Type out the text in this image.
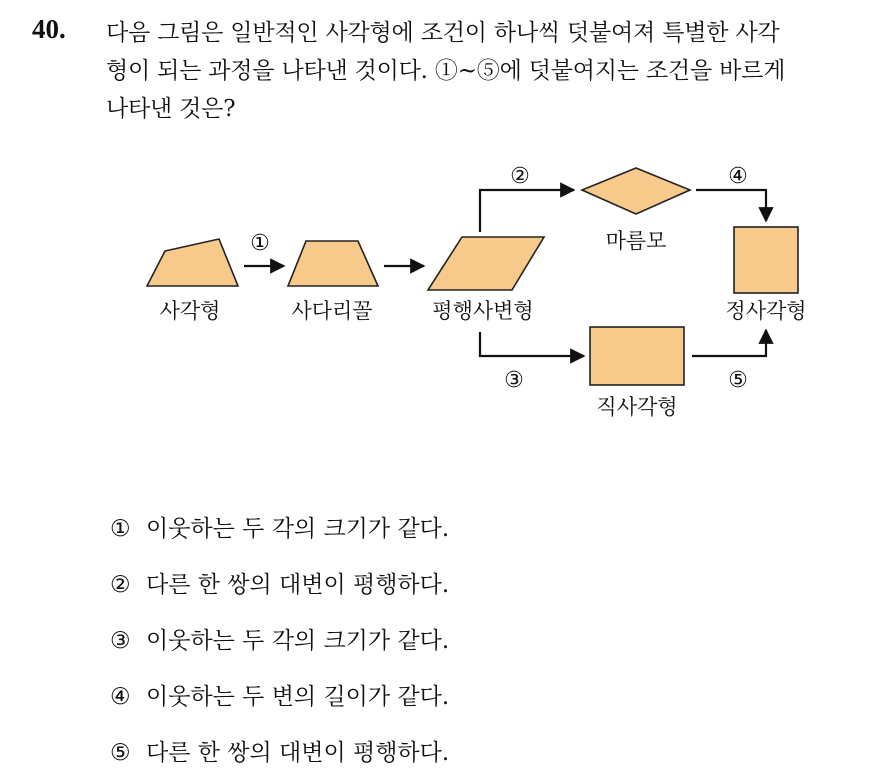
40. 다음 그림은 일반적인 사각형에 조건이 하나씩 덧붙여져 특별한 사각
형이 되는 과정을 나타낸 것이다. ①~⑤에 덧붙여지는 조건을 바르게
나타낸 것은?
①
②
③
④
⑤
사각형	사다리꼴	평행사변형
마름모
정사각형
직사각형
① 이웃하는 두 각의 크기가 같다.
② 다른 한 쌍의 대변이 평행하다.
③ 이웃하는 두 각의 크기가 같다.
④ 이웃하는 두 변의 길이가 같다.
⑤ 다른 한 쌍의 대변이 평행하다.
